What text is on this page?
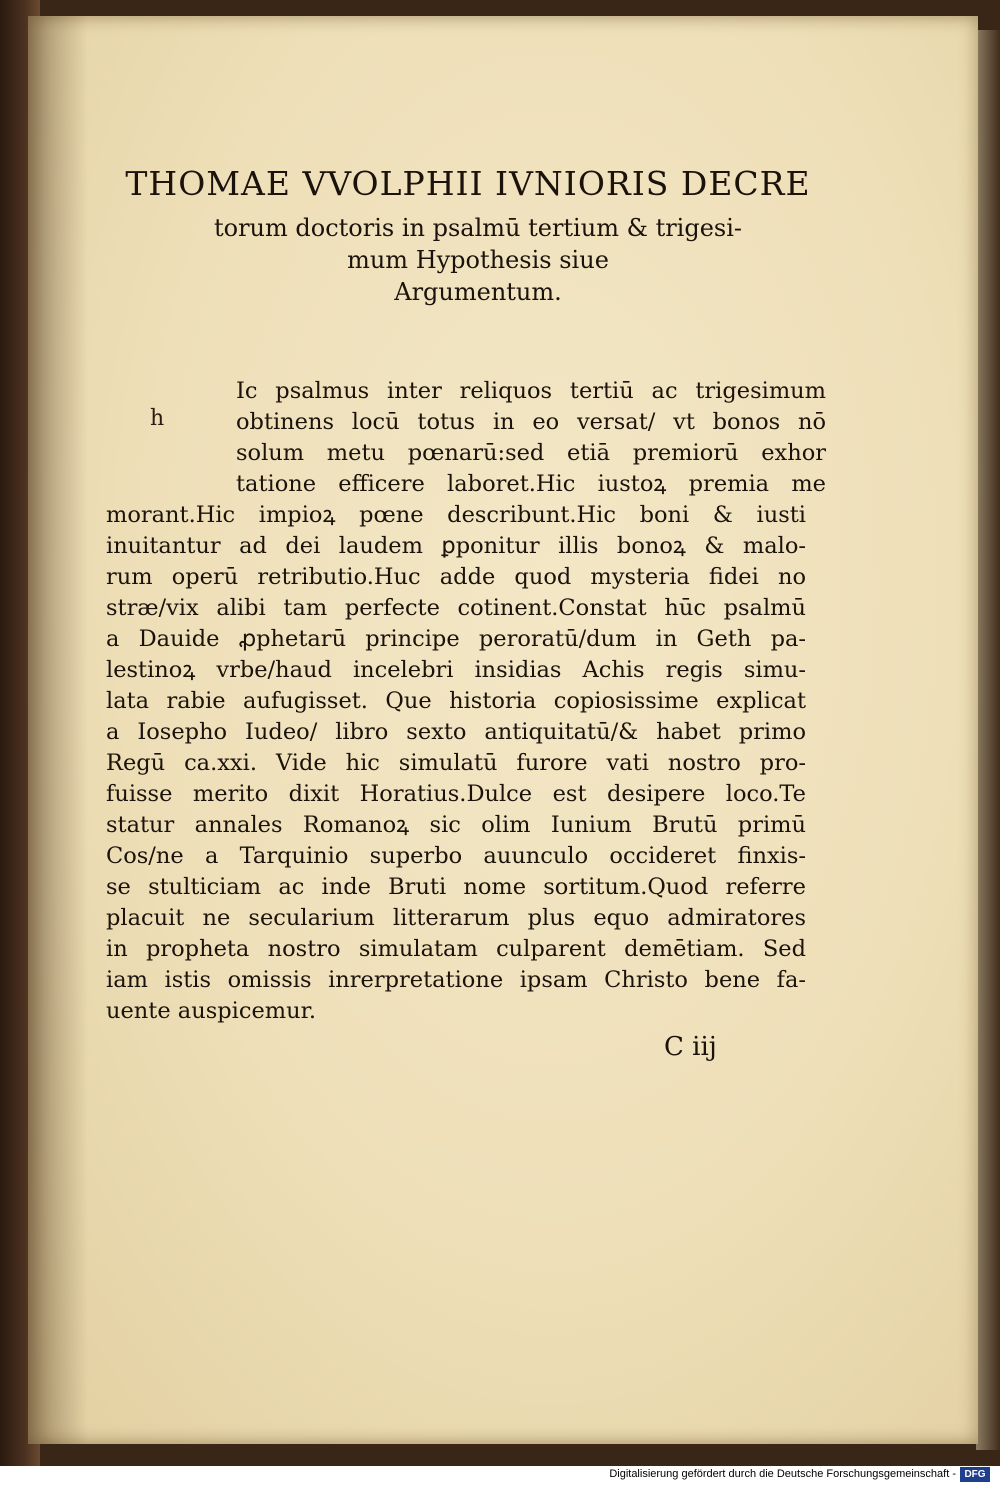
THOMAE VVOLPHII IVNIORIS DECRE
torum doctoris in psalmū tertium & trigesi-
mum Hypothesis siue
Argumentum.
h
Ic psalmus inter reliquos tertiū ac trigesimum
obtinens locū totus in eo versat/ vt bonos nō
solum metu pœnarū:sed etiā premiorū exhor
tatione efficere laboret.Hic iustoꝝ premia me
morant.Hic impioꝝ pœne describunt.Hic boni & iusti
inuitantur ad dei laudem ꝑponitur illis bonoꝝ & malo-
rum operū retributio.Huc adde quod mysteria fidei no
stræ/vix alibi tam perfecte cotinent.Constat hūc psalmū
a Dauide ꝓphetarū principe peroratū/dum in Geth pa-
lestinoꝝ vrbe/haud incelebri insidias Achis regis simu-
lata rabie aufugisset. Que historia copiosissime explicat
a Iosepho Iudeo/ libro sexto antiquitatū/& habet primo
Regū ca.xxi. Vide hic simulatū furore vati nostro pro-
fuisse merito dixit Horatius.Dulce est desipere loco.Te
statur annales Romanoꝝ sic olim Iunium Brutū primū
Cos/ne a Tarquinio superbo auunculo occideret finxis-
se stulticiam ac inde Bruti nome sortitum.Quod referre
placuit ne secularium litterarum plus equo admiratores
in propheta nostro simulatam culparent demētiam. Sed
iam istis omissis inrerpretatione ipsam Christo bene fa-
uente auspicemur.
C iij
Digitalisierung gefördert durch die Deutsche Forschungsgemeinschaft - DFG
